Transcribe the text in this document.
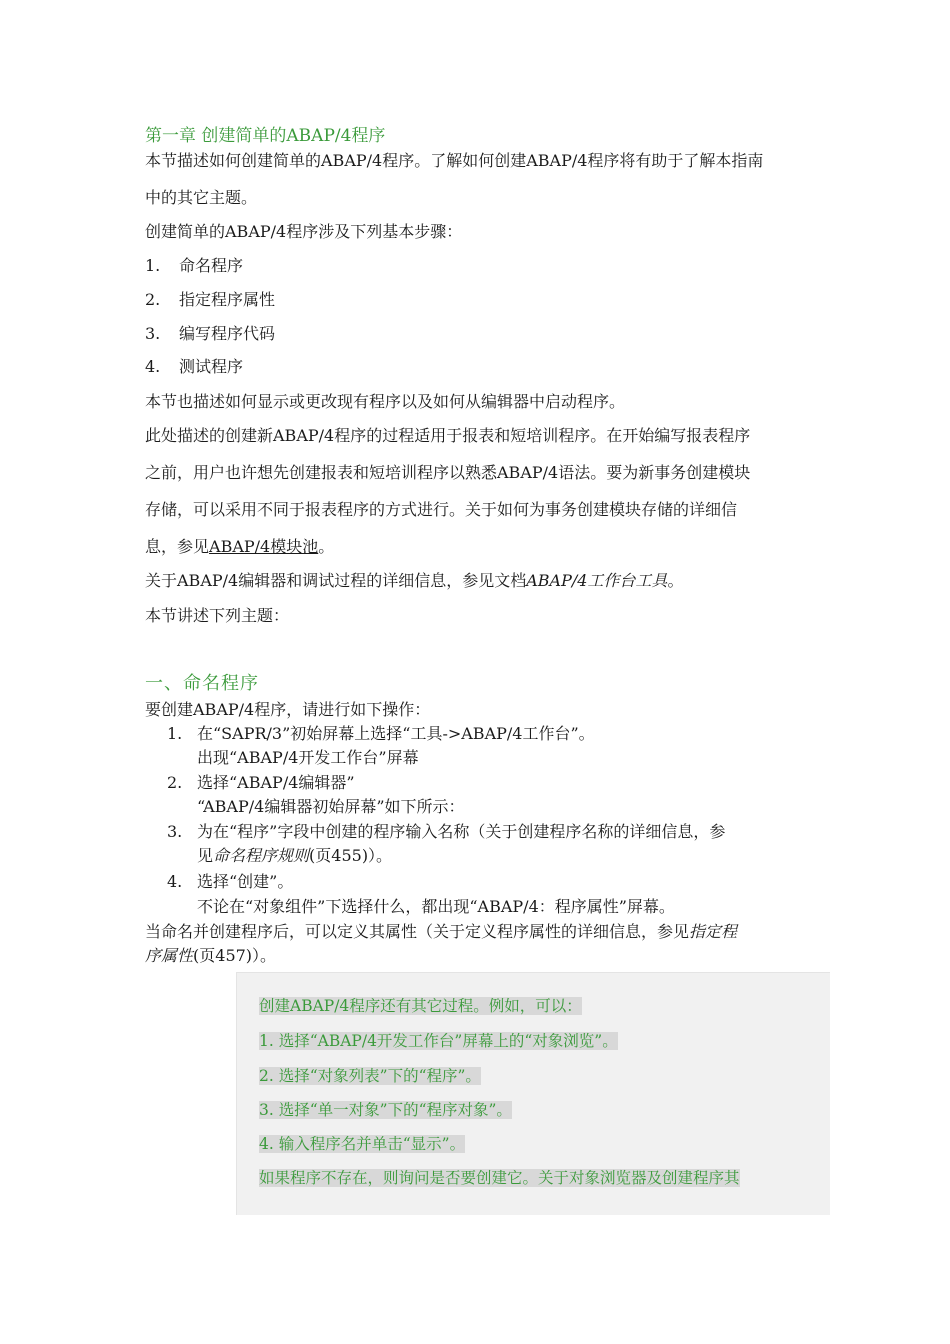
第一章 创建简单的ABAP/4程序
本节描述如何创建简单的ABAP/4程序。了解如何创建ABAP/4程序将有助于了解本指南
中的其它主题。
创建简单的ABAP/4程序涉及下列基本步骤：
1. 命名程序
2. 指定程序属性
3. 编写程序代码
4. 测试程序
本节也描述如何显示或更改现有程序以及如何从编辑器中启动程序。
此处描述的创建新ABAP/4程序的过程适用于报表和短培训程序。在开始编写报表程序
之前，用户也许想先创建报表和短培训程序以熟悉ABAP/4语法。要为新事务创建模块
存储，可以采用不同于报表程序的方式进行。关于如何为事务创建模块存储的详细信
息，参见ABAP/4模块池。
关于ABAP/4编辑器和调试过程的详细信息，参见文档ABAP/4工作台工具。
本节讲述下列主题：
一、命名程序
要创建ABAP/4程序，请进行如下操作：
1. 在“SAPR/3”初始屏幕上选择“工具->ABAP/4工作台”。
出现“ABAP/4开发工作台”屏幕
2. 选择“ABAP/4编辑器”
“ABAP/4编辑器初始屏幕”如下所示：
3. 为在“程序”字段中创建的程序输入名称（关于创建程序名称的详细信息，参
见命名程序规则(页455)）。
4. 选择“创建”。
不论在“对象组件”下选择什么，都出现“ABAP/4：程序属性”屏幕。
当命名并创建程序后，可以定义其属性（关于定义程序属性的详细信息，参见指定程
序属性(页457)）。
创建ABAP/4程序还有其它过程。例如，可以：
1. 选择“ABAP/4开发工作台”屏幕上的“对象浏览”。
2. 选择“对象列表”下的“程序”。
3. 选择“单一对象”下的“程序对象”。
4. 输入程序名并单击“显示”。
如果程序不存在，则询问是否要创建它。关于对象浏览器及创建程序其
